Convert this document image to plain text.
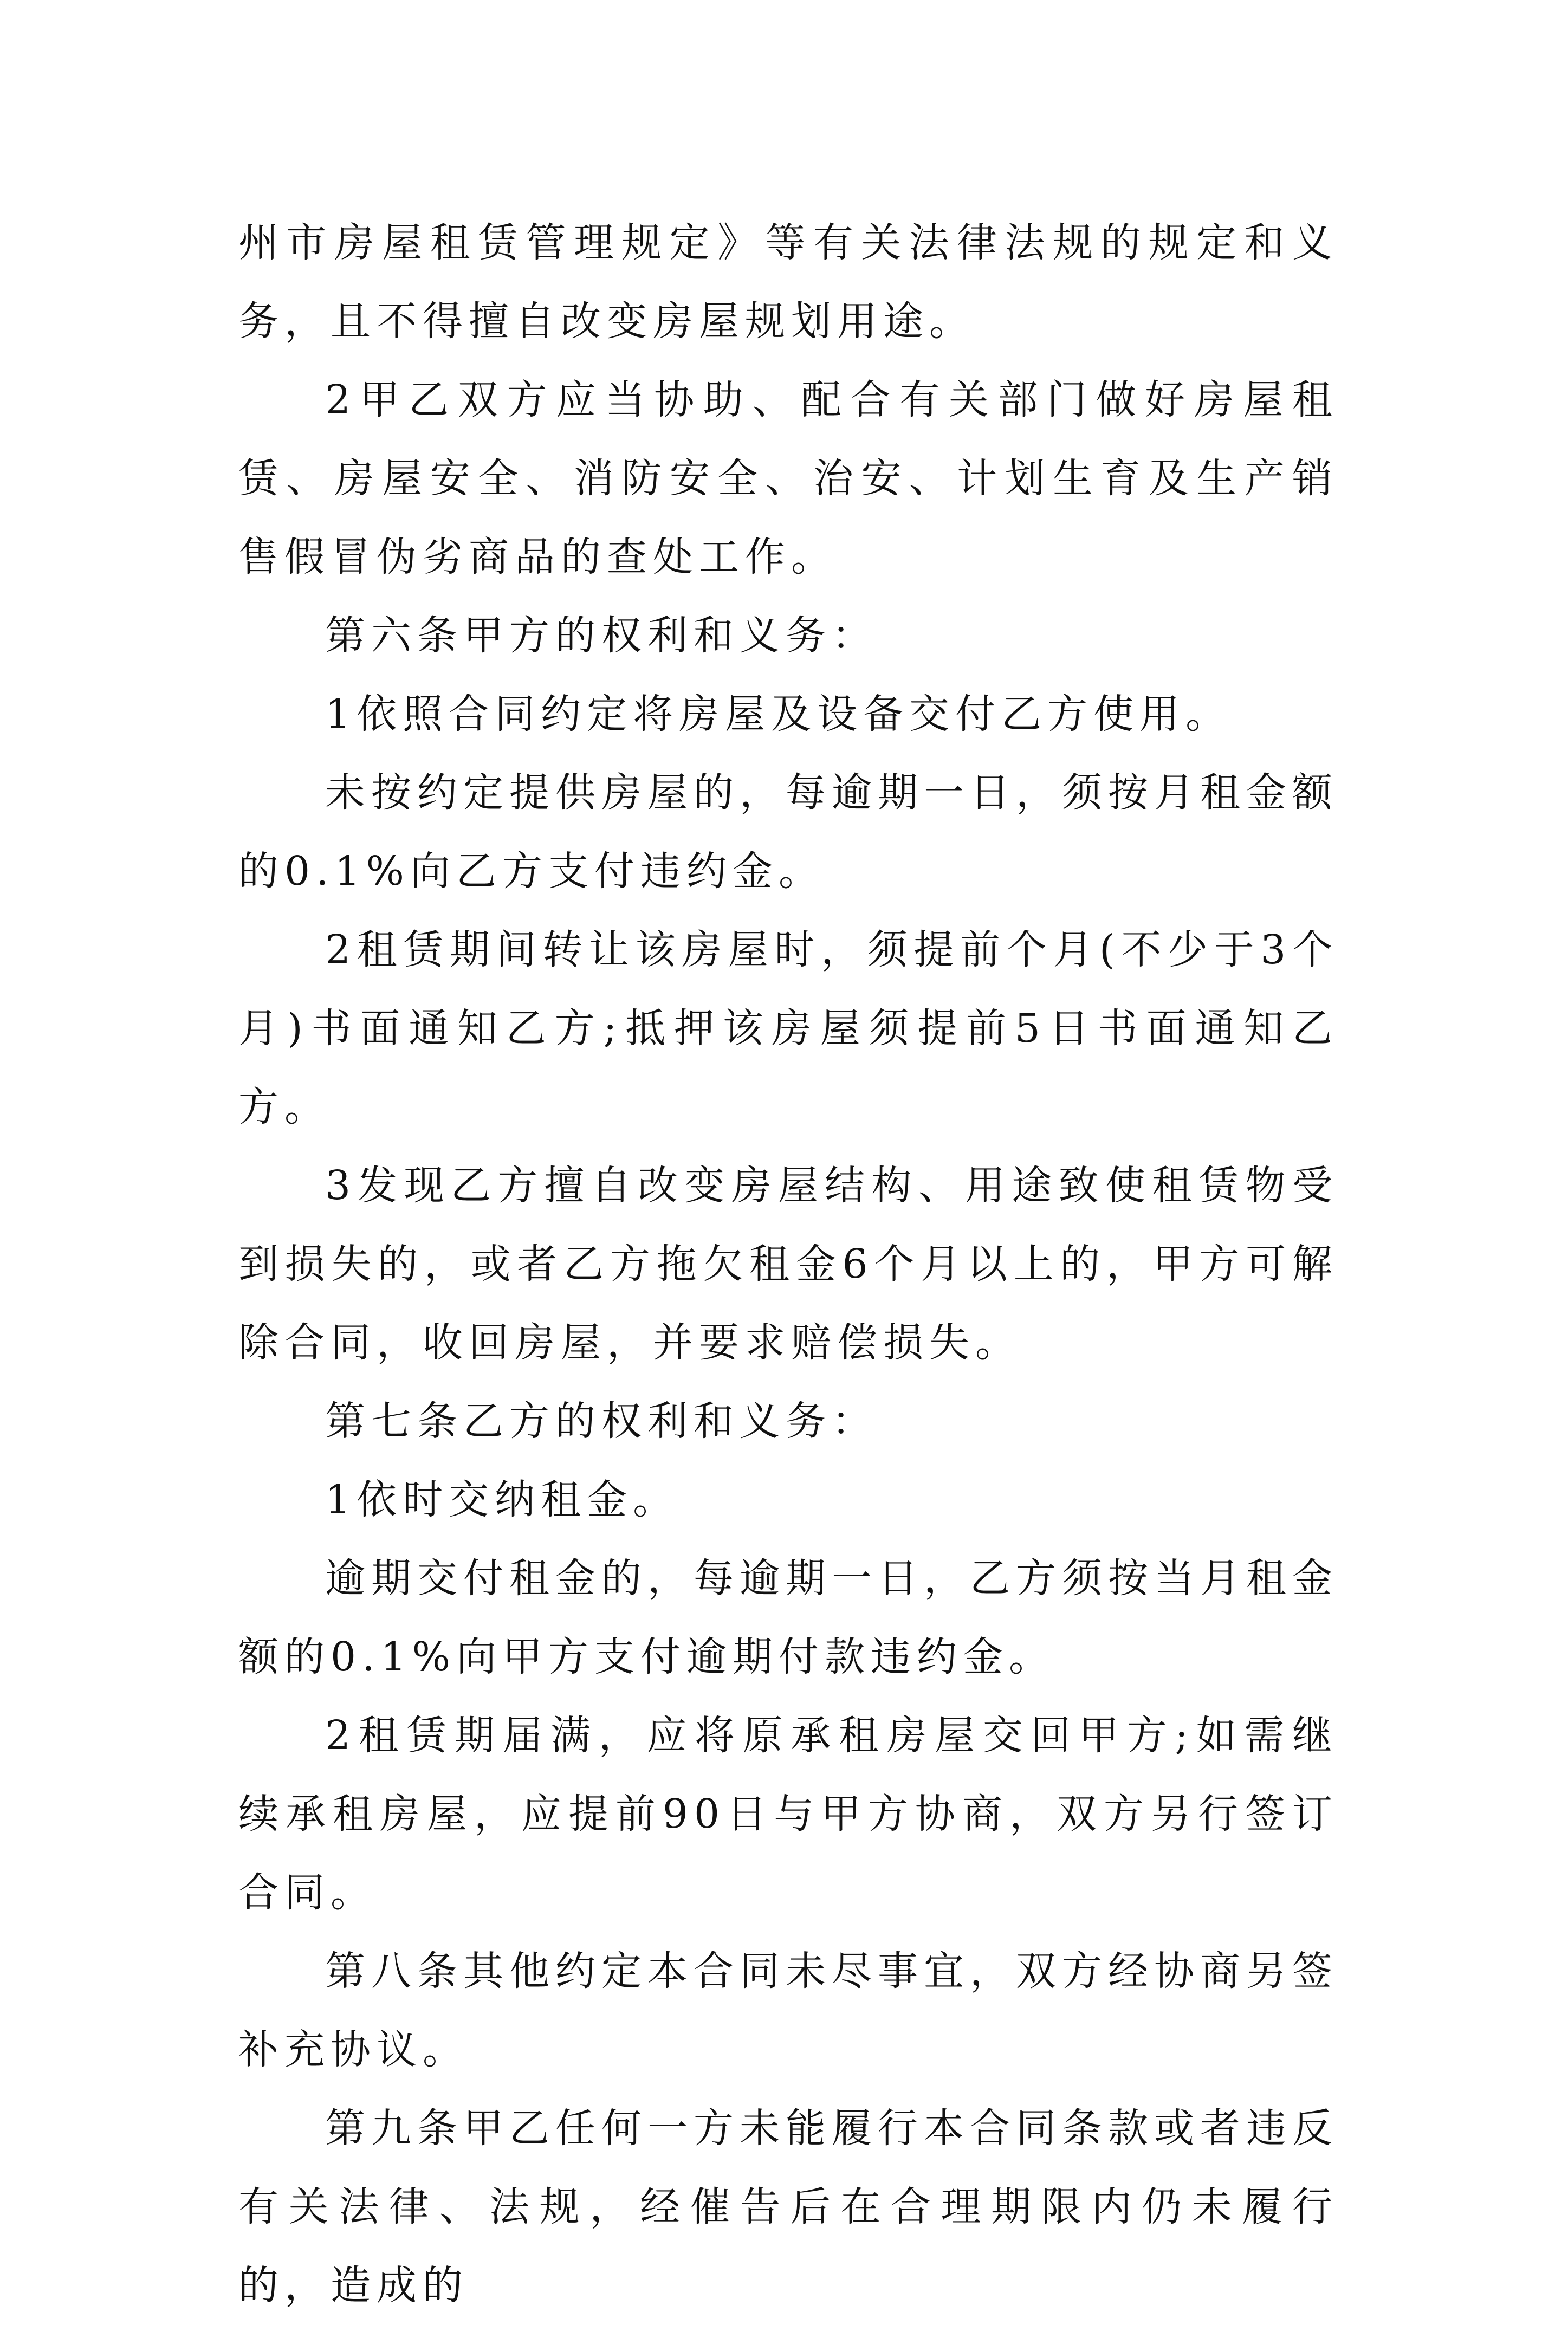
州市房屋租赁管理规定》等有关法律法规的规定和义务，且不得擅自改变房屋规划用途。

2甲乙双方应当协助、配合有关部门做好房屋租赁、房屋安全、消防安全、治安、计划生育及生产销售假冒伪劣商品的查处工作。

第六条甲方的权利和义务：

1依照合同约定将房屋及设备交付乙方使用。

未按约定提供房屋的，每逾期一日，须按月租金额的0.1%向乙方支付违约金。

2租赁期间转让该房屋时，须提前个月(不少于3个月)书面通知乙方;抵押该房屋须提前5日书面通知乙方。

3发现乙方擅自改变房屋结构、用途致使租赁物受到损失的，或者乙方拖欠租金6个月以上的，甲方可解除合同，收回房屋，并要求赔偿损失。

第七条乙方的权利和义务：

1依时交纳租金。

逾期交付租金的，每逾期一日，乙方须按当月租金额的0.1%向甲方支付逾期付款违约金。

2租赁期届满，应将原承租房屋交回甲方;如需继续承租房屋，应提前90日与甲方协商，双方另行签订合同。

第八条其他约定本合同未尽事宜，双方经协商另签补充协议。

第九条甲乙任何一方未能履行本合同条款或者违反有关法律、法规，经催告后在合理期限内仍未履行的，造成的
